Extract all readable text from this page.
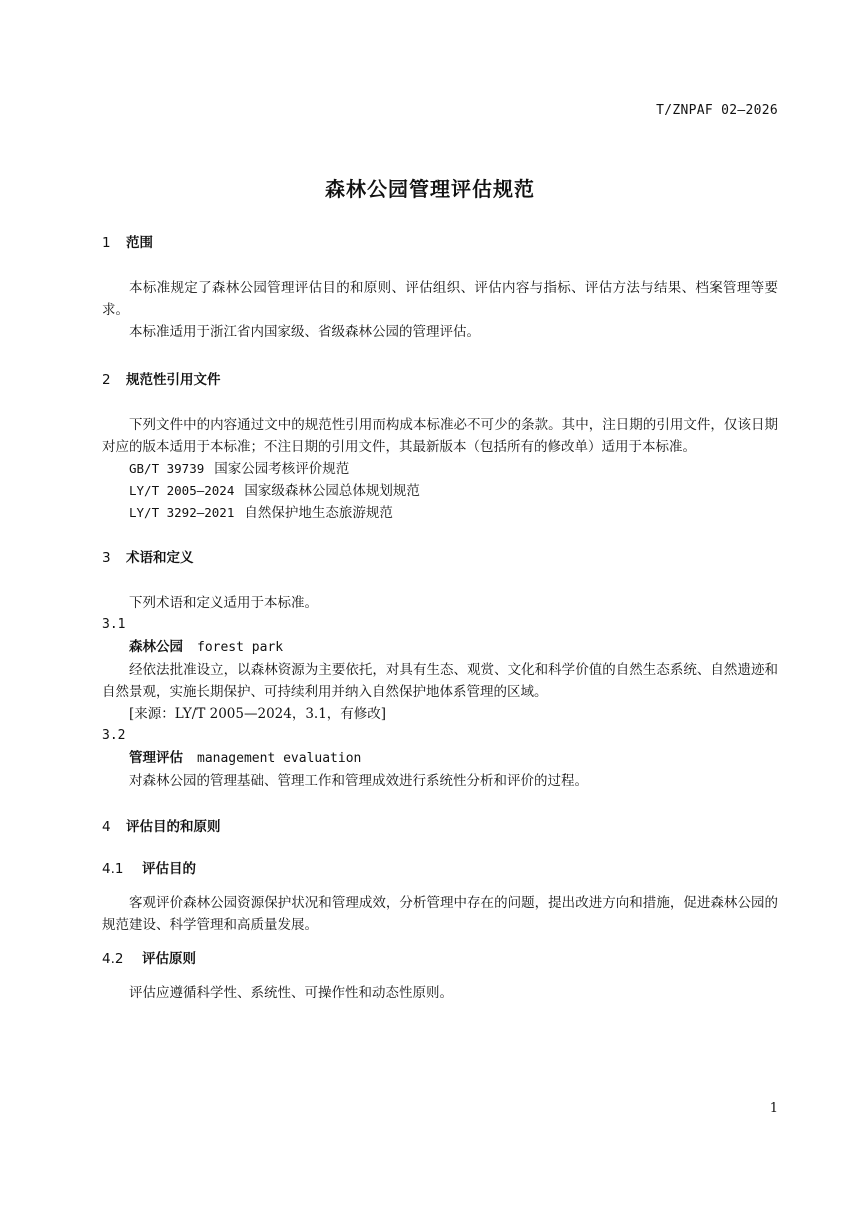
T/ZNPAF 02—2026
森林公园管理评估规范

1 范围

本标准规定了森林公园管理评估目的和原则、评估组织、评估内容与指标、评估方法与结果、档案管理等要求。

本标准适用于浙江省内国家级、省级森林公园的管理评估。

2 规范性引用文件

下列文件中的内容通过文中的规范性引用而构成本标准必不可少的条款。其中，注日期的引用文件，仅该日期对应的版本适用于本标准；不注日期的引用文件，其最新版本（包括所有的修改单）适用于本标准。

GB/T 39739 国家公园考核评价规范

LY/T 2005—2024 国家级森林公园总体规划规范

LY/T 3292—2021 自然保护地生态旅游规范

3 术语和定义

下列术语和定义适用于本标准。

3.1

森林公园 forest park

经依法批准设立，以森林资源为主要依托，对具有生态、观赏、文化和科学价值的自然生态系统、自然遗迹和自然景观，实施长期保护、可持续利用并纳入自然保护地体系管理的区域。

[来源：LY/T 2005—2024，3.1，有修改]

3.2

管理评估 management evaluation

对森林公园的管理基础、管理工作和管理成效进行系统性分析和评价的过程。

4 评估目的和原则

4.1 评估目的

客观评价森林公园资源保护状况和管理成效，分析管理中存在的问题，提出改进方向和措施，促进森林公园的规范建设、科学管理和高质量发展。

4.2 评估原则

评估应遵循科学性、系统性、可操作性和动态性原则。

1
